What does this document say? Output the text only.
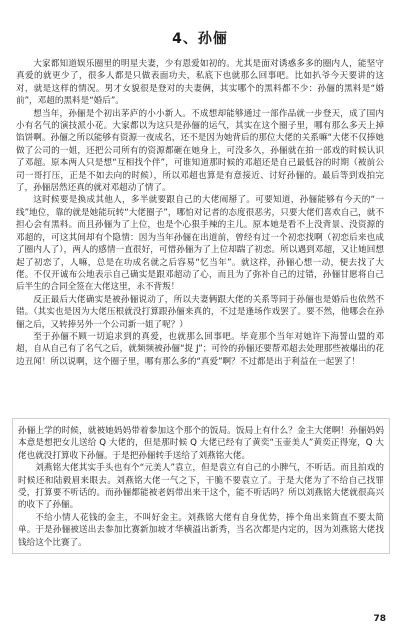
4、孙俪

大家都知道娱乐圈里的明星夫妻，少有恩爱如初的。尤其是面对诱惑多多的圈内人，能坚守真爱的就更少了，很多人都是只做表面功夫，私底下也就那么回事吧。比如扒爷今天要讲的这对，就是这样的情况。男才女貌很是登对的夫妻俩，其实哪个的黑料都不少：孙俪的黑料是“婚前”，邓超的黑料是“婚后”。

想当年，孙俪是个初出茅庐的小小新人。不成想却能够通过一部作品就一步登天，成了国内小有名气的演技派小花。大家都以为这只是孙俪的运气，其实在这个圈子里，哪有那么多天上掉馅饼啊。孙俪之所以能够有资源一夜成名，还不是因为她背后的那位大佬的关系嘛“大佬不仅捧她做了公司的一姐，还把公司所有的资源都砸在她身上，可没多久，孙俪就在拍一部戏的时候认识了邓超。原本两人只是想“互相找个伴”，可谁知道那时候的邓超还是自己最低谷的时期（被前公司一哥打压，正是不如去向的时候），所以邓超也算是有意接近、讨好孙俪的。最后等到戏拍完了，孙俪居然还真的就对邓超动了情了。

这时候要是换成其他人，多半就要跟自己的大佬闹掰了。可要知道，孙俪能够有今天的“一线”地位，靠的就是她能玩转“大佬圈子”，哪怕对记者的态度很恶劣，只要大佬们喜欢自己，就不担心会有黑料。而且孙俪为了上位，也是个心狠手辣的主儿。原本她是看不上没背景、没资源的邓超的，可这其间却有个隐情：因为当年孙俪在出道前，曾经有过一个初恋找啊（初恋后来也成了圈内人了），两人的感情一直很好，可惜孙俪为了上位却踹了初恋。所以遇到邓超，又让她回想起了初恋了，人嘛，总是在功成名就之后容易“忆当年”。就这样，孙俪心想一动，便去找了大佬。不仅开诚布公地表示自己确实是跟邓超动了心，而且为了弥补自己的过错，孙俪甘愿将自己后半生的合同全签在大佬这里，永不背叛！

反正最后大佬确实是被孙俪说动了，所以夫妻俩跟大佬的关系等同于孙俪也是婚后也依然不错。（其实也是因为大佬压根就没打算跟孙俪来真的，不过是逢场作戏罢了。要不然，他哪会在孙俪之后，又转捧另外一个公司新一姐了呢？）

至于孙俪不顾一切追求到的真爱，也就那么回事吧。毕竟那个当年对她许下海誓山盟的邓超，自从自己有了名气之后，就频频被孙俪“捉 J”；可怜的孙俪还要帮邓超去处理那些被爆出的花边丑闻！所以说啊，这个圈子里，哪有那么多的“真爱”啊？不过都是出于利益在一起罢了！

孙俪上学的时候，就被她妈妈带着参加这个那个的饭局。饭局上有什么？金主大佬啊！孙俪妈妈本意是想把女儿送给 Q 大佬的，但是那时候 Q 大佬已经有了黄奕“玉壶美人”黄奕正得宠，Q 大佬也就没打算收下孙俪。于是把孙俪转手送给了刘燕铭大佬。

刘燕铭大佬其实手头也有个“元美人”袁立，但是袁立有自己的小脾气，不听话。而且拍戏的时候还和陆毅眉来眼去。刘燕铭大佬一气之下，干脆不要袁立了。于是大佬为了不给自己找罪受，打算要不听话的。而孙俪都能被老妈带出来干这个，能不听话吗？所以刘燕铭大佬就很高兴的收下了孙俪。

不给小情人花钱的金主，不叫好金主。刘燕铭大佬有自身优势，捧个角出来简直不要太简单。于是孙俪被送出去参加比赛新加坡才华横溢出新秀，当名次都是内定的，因为刘燕铭大佬找钱给这个比赛了。

78
